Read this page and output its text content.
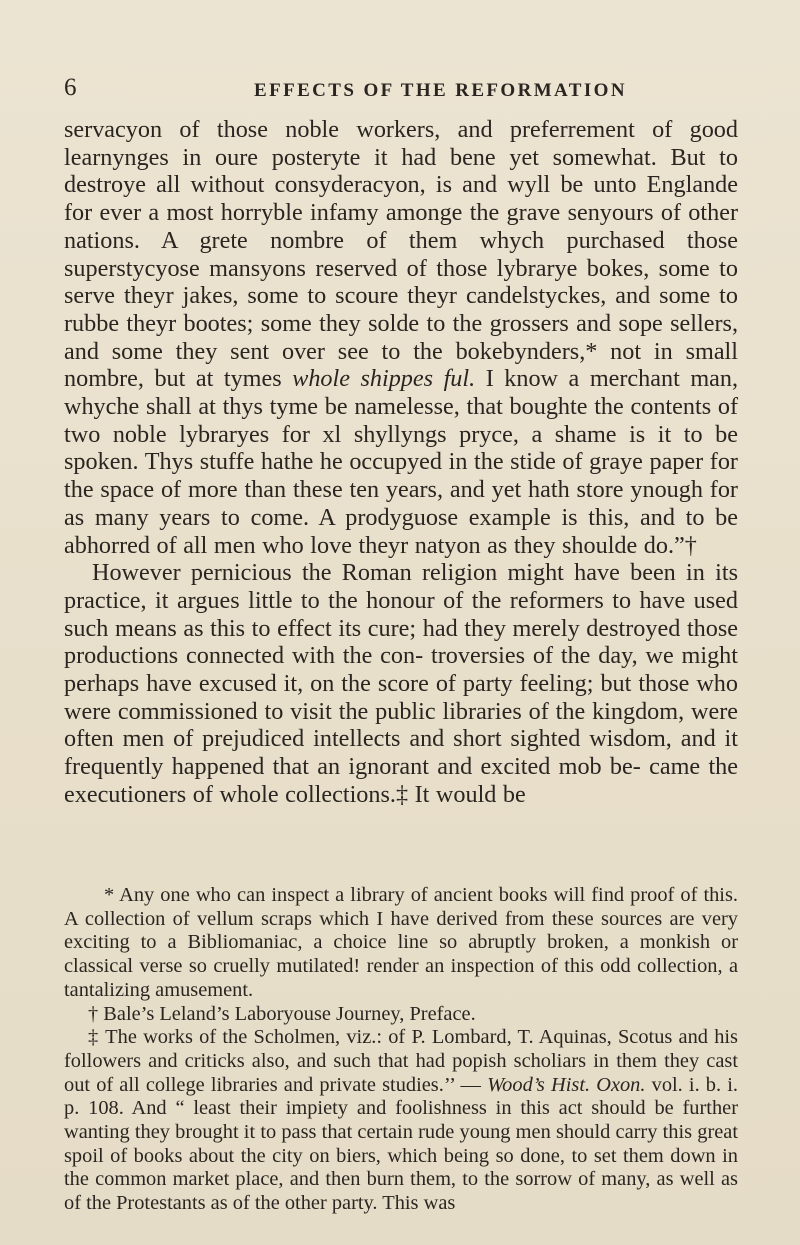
6	EFFECTS OF THE REFORMATION

servacyon of those noble workers, and preferrement of good learnynges in oure posteryte it had bene yet somewhat. But to destroye all without consyderacyon, is and wyll be unto Englande for ever a most horryble infamy amonge the grave senyours of other nations. A grete nombre of them whych purchased those superstycyose mansyons reserved of those lybrarye bokes, some to serve theyr jakes, some to scoure theyr candelstyckes, and some to rubbe theyr bootes; some they solde to the grossers and sope sellers, and some they sent over see to the bokebynders,* not in small nombre, but at tymes whole shippes ful. I know a merchant man, whyche shall at thys tyme be namelesse, that boughte the contents of two noble lybraryes for xl shyllyngs pryce, a shame is it to be spoken. Thys stuffe hathe he occupyed in the stide of graye paper for the space of more than these ten years, and yet hath store ynough for as many years to come. A prodyguose example is this, and to be abhorred of all men who love theyr natyon as they shoulde do.”†

However pernicious the Roman religion might have been in its practice, it argues little to the honour of the reformers to have used such means as this to effect its cure; had they merely destroyed those productions connected with the con- troversies of the day, we might perhaps have excused it, on the score of party feeling; but those who were commissioned to visit the public libraries of the kingdom, were often men of prejudiced intellects and short sighted wisdom, and it frequently happened that an ignorant and excited mob be- came the executioners of whole collections.‡ It would be

* Any one who can inspect a library of ancient books will find proof of this. A collection of vellum scraps which I have derived from these sources are very exciting to a Bibliomaniac, a choice line so abruptly broken, a monkish or classical verse so cruelly mutilated! render an inspection of this odd collection, a tantalizing amusement.

† Bale’s Leland’s Laboryouse Journey, Preface.

‡ The works of the Scholmen, viz.: of P. Lombard, T. Aquinas, Scotus and his followers and criticks also, and such that had popish scholiars in them they cast out of all college libraries and private studies.’’ — Wood’s Hist. Oxon. vol. i. b. i. p. 108. And “ least their impiety and foolishness in this act should be further wanting they brought it to pass that certain rude young men should carry this great spoil of books about the city on biers, which being so done, to set them down in the common market place, and then burn them, to the sorrow of many, as well as of the Protestants as of the other party. This was
